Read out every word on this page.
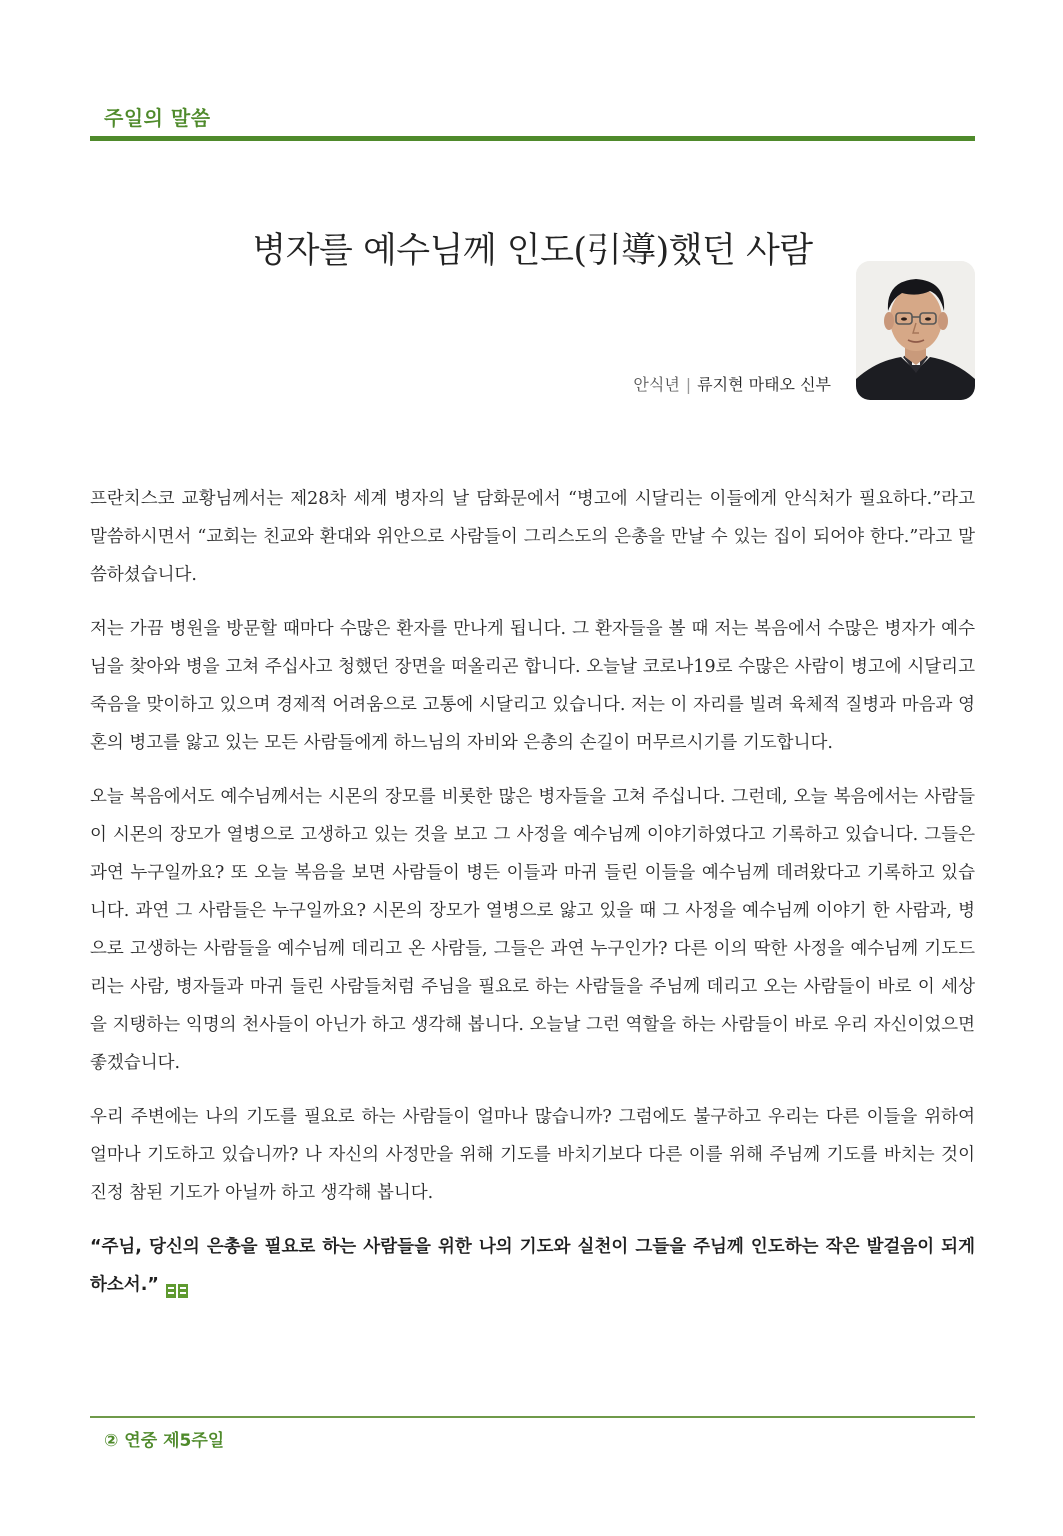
주일의 말씀
병자를 예수님께 인도(引導)했던 사람
안식년 | 류지현 마태오 신부

프란치스코 교황님께서는 제28차 세계 병자의 날 담화문에서 “병고에 시달리는 이들에게 안식처가 필요하다.”라고 말씀하시면서 “교회는 친교와 환대와 위안으로 사람들이 그리스도의 은총을 만날 수 있는 집이 되어야 한다.”라고 말씀하셨습니다.

저는 가끔 병원을 방문할 때마다 수많은 환자를 만나게 됩니다. 그 환자들을 볼 때 저는 복음에서 수많은 병자가 예수님을 찾아와 병을 고쳐 주십사고 청했던 장면을 떠올리곤 합니다. 오늘날 코로나19로 수많은 사람이 병고에 시달리고 죽음을 맞이하고 있으며 경제적 어려움으로 고통에 시달리고 있습니다. 저는 이 자리를 빌려 육체적 질병과 마음과 영혼의 병고를 앓고 있는 모든 사람들에게 하느님의 자비와 은총의 손길이 머무르시기를 기도합니다.

오늘 복음에서도 예수님께서는 시몬의 장모를 비롯한 많은 병자들을 고쳐 주십니다. 그런데, 오늘 복음에서는 사람들이 시몬의 장모가 열병으로 고생하고 있는 것을 보고 그 사정을 예수님께 이야기하였다고 기록하고 있습니다. 그들은 과연 누구일까요? 또 오늘 복음을 보면 사람들이 병든 이들과 마귀 들린 이들을 예수님께 데려왔다고 기록하고 있습니다. 과연 그 사람들은 누구일까요? 시몬의 장모가 열병으로 앓고 있을 때 그 사정을 예수님께 이야기 한 사람과, 병으로 고생하는 사람들을 예수님께 데리고 온 사람들, 그들은 과연 누구인가? 다른 이의 딱한 사정을 예수님께 기도드리는 사람, 병자들과 마귀 들린 사람들처럼 주님을 필요로 하는 사람들을 주님께 데리고 오는 사람들이 바로 이 세상을 지탱하는 익명의 천사들이 아닌가 하고 생각해 봅니다. 오늘날 그런 역할을 하는 사람들이 바로 우리 자신이었으면 좋겠습니다.

우리 주변에는 나의 기도를 필요로 하는 사람들이 얼마나 많습니까? 그럼에도 불구하고 우리는 다른 이들을 위하여 얼마나 기도하고 있습니까? 나 자신의 사정만을 위해 기도를 바치기보다 다른 이를 위해 주님께 기도를 바치는 것이 진정 참된 기도가 아닐까 하고 생각해 봅니다.

“주님, 당신의 은총을 필요로 하는 사람들을 위한 나의 기도와 실천이 그들을 주님께 인도하는 작은 발걸음이 되게 하소서.”
② 연중 제5주일
